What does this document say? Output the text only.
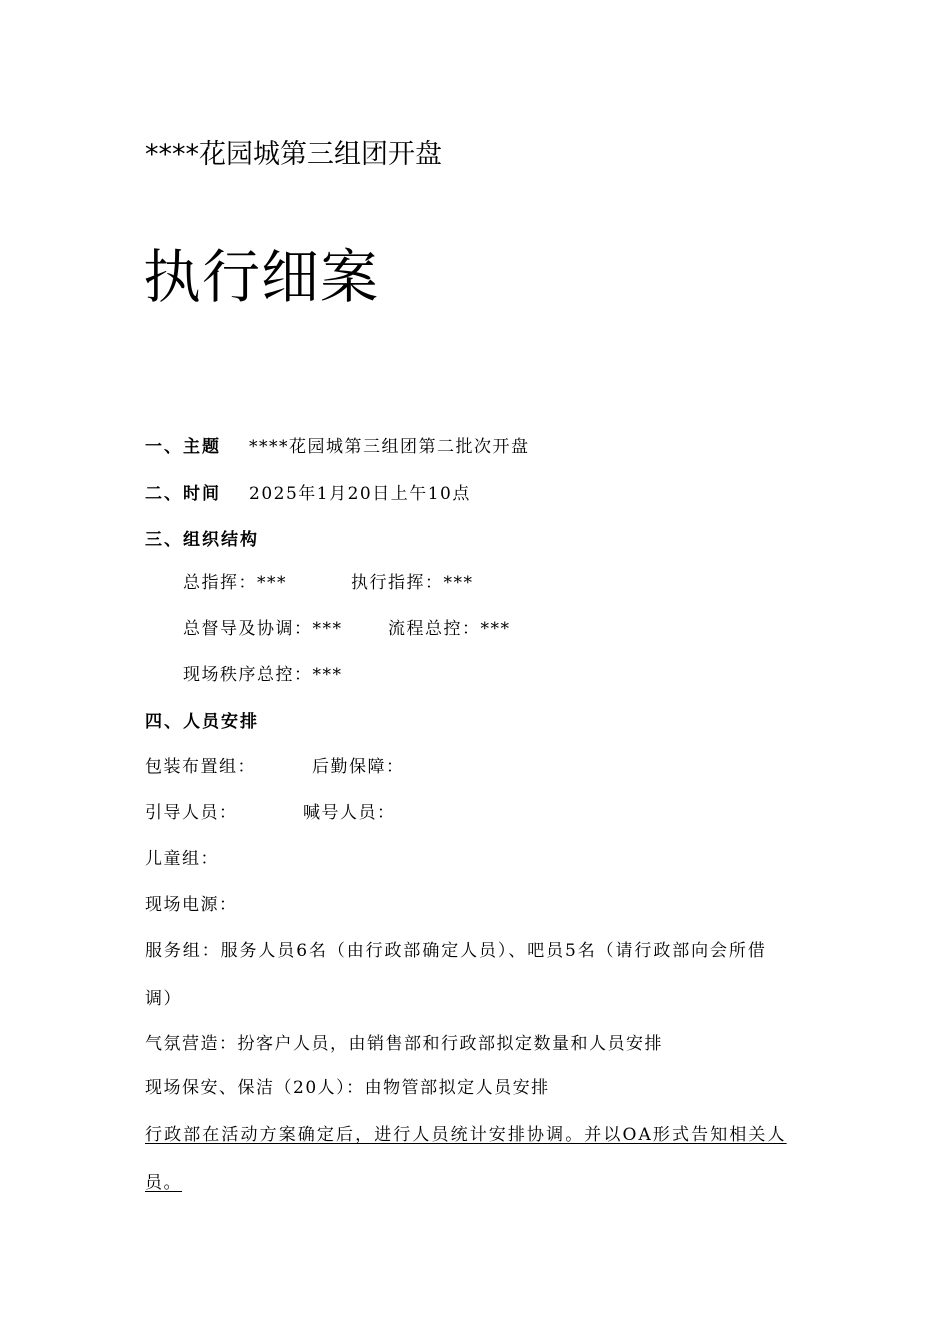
****花园城第三组团开盘
执行细案
一、主题 ****花园城第三组团第二批次开盘
二、时间 2025年1月20日上午10点
三、组织结构
总指挥：***	执行指挥：***
总督导及协调：***	流程总控：***
现场秩序总控：***
四、人员安排
包装布置组：	后勤保障：
引导人员：	喊号人员：
儿童组：
现场电源：
服务组：服务人员6名（由行政部确定人员）、吧员5名（请行政部向会所借
调）
气氛营造：扮客户人员，由销售部和行政部拟定数量和人员安排
现场保安、保洁（20人）：由物管部拟定人员安排
行政部在活动方案确定后，进行人员统计安排协调。并以OA形式告知相关人
员。
